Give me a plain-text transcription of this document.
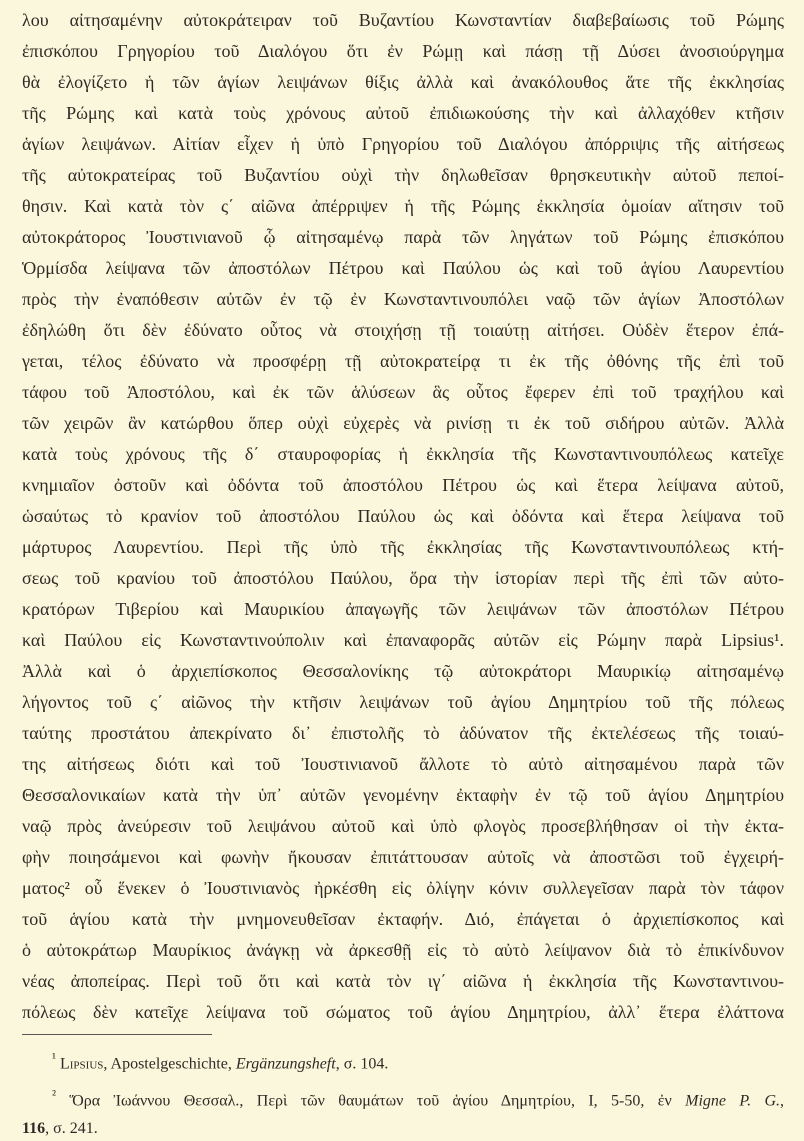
λου αἰτησαμένην αὐτοκράτειραν τοῦ Βυζαντίου Κωνσταντίαν διαβεβαίωσις τοῦ Ρώμης
ἐπισκόπου Γρηγορίου τοῦ Διαλόγου ὅτι ἐν Ρώμῃ καὶ πάσῃ τῇ Δύσει ἀνοσιούργημα
θὰ ἐλογίζετο ἡ τῶν ἁγίων λειψάνων θίξις ἀλλὰ καὶ ἀνακόλουθος ἅτε τῆς ἐκκλησίας
τῆς Ρώμης καὶ κατὰ τοὺς χρόνους αὐτοῦ ἐπιδιωκούσης τὴν καὶ ἀλλαχόθεν κτῆσιν
ἁγίων λειψάνων. Αἰτίαν εἶχεν ἡ ὑπὸ Γρηγορίου τοῦ Διαλόγου ἀπόρριψις τῆς αἰτήσεως
τῆς αὐτοκρατείρας τοῦ Βυζαντίου οὐχὶ τὴν δηλωθεῖσαν θρησκευτικὴν αὐτοῦ πεποί-
θησιν. Καὶ κατὰ τὸν ς΄ αἰῶνα ἀπέρριψεν ἡ τῆς Ρώμης ἐκκλησία ὁμοίαν αἴτησιν τοῦ
αὐτοκράτορος Ἰουστινιανοῦ ᾧ αἰτησαμένῳ παρὰ τῶν ληγάτων τοῦ Ρώμης ἐπισκόπου
Ὁρμίσδα λείψανα τῶν ἀποστόλων Πέτρου καὶ Παύλου ὡς καὶ τοῦ ἁγίου Λαυρεντίου
πρὸς τὴν ἐναπόθεσιν αὐτῶν ἐν τῷ ἐν Κωνσταντινουπόλει ναῷ τῶν ἁγίων Ἀποστόλων
ἐδηλώθη ὅτι δὲν ἐδύνατο οὗτος νὰ στοιχήσῃ τῇ τοιαύτῃ αἰτήσει. Οὐδὲν ἕτερον ἐπά-
γεται, τέλος ἐδύνατο νὰ προσφέρῃ τῇ αὐτοκρατείρᾳ τι ἐκ τῆς ὀθόνης τῆς ἐπὶ τοῦ
τάφου τοῦ Ἀποστόλου, καὶ ἐκ τῶν ἁλύσεων ἃς οὗτος ἔφερεν ἐπὶ τοῦ τραχήλου καὶ
τῶν χειρῶν ἂν κατώρθου ὅπερ οὐχὶ εὐχερὲς νὰ ρινίσῃ τι ἐκ τοῦ σιδήρου αὐτῶν. Ἀλλὰ
κατὰ τοὺς χρόνους τῆς δ΄ σταυροφορίας ἡ ἐκκλησία τῆς Κωνσταντινουπόλεως κατεῖχε
κνημιαῖον ὀστοῦν καὶ ὀδόντα τοῦ ἀποστόλου Πέτρου ὡς καὶ ἕτερα λείψανα αὐτοῦ,
ὡσαύτως τὸ κρανίον τοῦ ἀποστόλου Παύλου ὡς καὶ ὀδόντα καὶ ἕτερα λείψανα τοῦ
μάρτυρος Λαυρεντίου. Περὶ τῆς ὑπὸ τῆς ἐκκλησίας τῆς Κωνσταντινουπόλεως κτή-
σεως τοῦ κρανίου τοῦ ἀποστόλου Παύλου, ὅρα τὴν ἱστορίαν περὶ τῆς ἐπὶ τῶν αὐτο-
κρατόρων Τιβερίου καὶ Μαυρικίου ἀπαγωγῆς τῶν λειψάνων τῶν ἀποστόλων Πέτρου
καὶ Παύλου εἰς Κωνσταντινούπολιν καὶ ἐπαναφορᾶς αὐτῶν εἰς Ρώμην παρὰ Lipsius¹.
Ἀλλὰ καὶ ὁ ἀρχιεπίσκοπος Θεσσαλονίκης τῷ αὐτοκράτορι Μαυρικίῳ αἰτησαμένῳ
λήγοντος τοῦ ς΄ αἰῶνος τὴν κτῆσιν λειψάνων τοῦ ἁγίου Δημητρίου τοῦ τῆς πόλεως
ταύτης προστάτου ἀπεκρίνατο δι᾽ ἐπιστολῆς τὸ ἀδύνατον τῆς ἐκτελέσεως τῆς τοιαύ-
της αἰτήσεως διότι καὶ τοῦ Ἰουστινιανοῦ ἄλλοτε τὸ αὐτὸ αἰτησαμένου παρὰ τῶν
Θεσσαλονικαίων κατὰ τὴν ὑπ᾽ αὐτῶν γενομένην ἐκταφὴν ἐν τῷ τοῦ ἁγίου Δημητρίου
ναῷ πρὸς ἀνεύρεσιν τοῦ λειψάνου αὐτοῦ καὶ ὑπὸ φλογὸς προσεβλήθησαν οἱ τὴν ἐκτα-
φὴν ποιησάμενοι καὶ φωνὴν ἤκουσαν ἐπιτάττουσαν αὐτοῖς νὰ ἀποστῶσι τοῦ ἐγχειρή-
ματος² οὗ ἕνεκεν ὁ Ἰουστινιανὸς ἠρκέσθη εἰς ὀλίγην κόνιν συλλεγεῖσαν παρὰ τὸν τάφον
τοῦ ἁγίου κατὰ τὴν μνημονευθεῖσαν ἐκταφήν. Διό, ἐπάγεται ὁ ἀρχιεπίσκοπος καὶ
ὁ αὐτοκράτωρ Μαυρίκιος ἀνάγκῃ νὰ ἀρκεσθῇ εἰς τὸ αὐτὸ λείψανον διὰ τὸ ἐπικίνδυνον
νέας ἀποπείρας. Περὶ τοῦ ὅτι καὶ κατὰ τὸν ιγ΄ αἰῶνα ἡ ἐκκλησία τῆς Κωνσταντινου-
πόλεως δὲν κατεῖχε λείψανα τοῦ σώματος τοῦ ἁγίου Δημητρίου, ἀλλ᾽ ἕτερα ἐλάττονα
$^{^1}$ Lipsius, Apostelgeschichte, Ergänzungsheft, σ. 104.
$^{^2}$ Ὅρα Ἰωάννου Θεσσαλ., Περὶ τῶν θαυμάτων τοῦ ἁγίου Δημητρίου, Ι, 5-50, ἐν Migne P. G.,
116, σ. 241.
